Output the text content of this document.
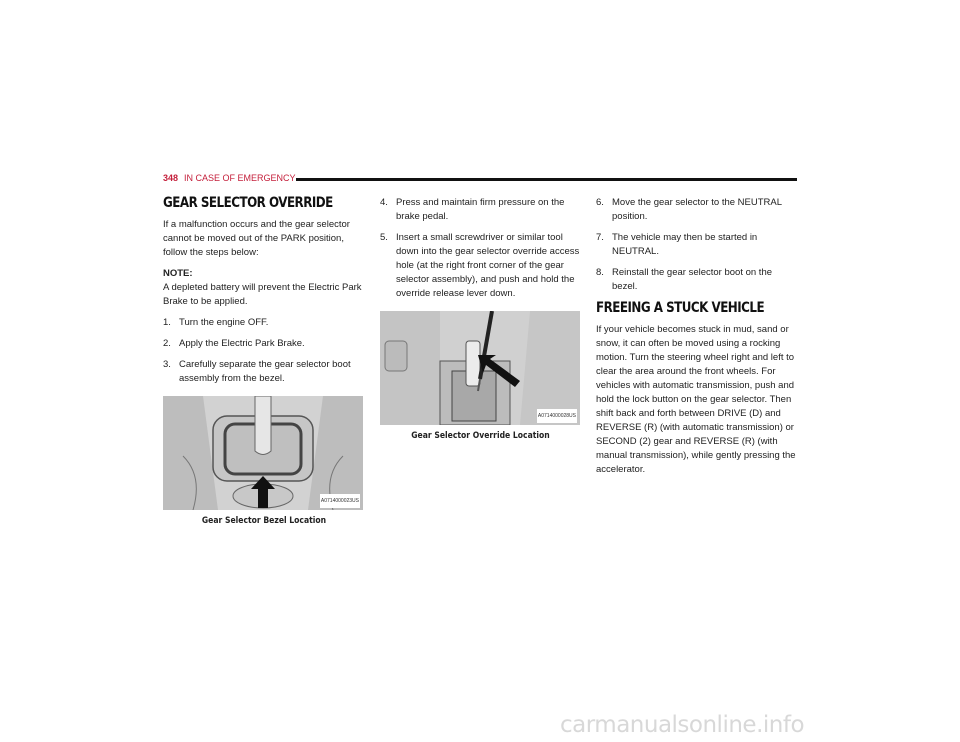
348 IN CASE OF EMERGENCY
GEAR SELECTOR OVERRIDE

If a malfunction occurs and the gear selector cannot be moved out of the PARK position, follow the steps below:

NOTE:

A depleted battery will prevent the Electric Park Brake to be applied.

1. Turn the engine OFF.
2. Apply the Electric Park Brake.
3. Carefully separate the gear selector boot assembly from the bezel.
A0714000023US
Gear Selector Bezel Location
4. Press and maintain firm pressure on the brake pedal.
5. Insert a small screwdriver or similar tool down into the gear selector override access hole (at the right front corner of the gear selector assembly), and push and hold the override release lever down.
A0714000028US
Gear Selector Override Location
6. Move the gear selector to the NEUTRAL position.
7. The vehicle may then be started in NEUTRAL.
8. Reinstall the gear selector boot on the bezel.
FREEING A STUCK VEHICLE

If your vehicle becomes stuck in mud, sand or snow, it can often be moved using a rocking motion. Turn the steering wheel right and left to clear the area around the front wheels. For vehicles with automatic transmission, push and hold the lock button on the gear selector. Then shift back and forth between DRIVE (D) and REVERSE (R) (with automatic transmission) or SECOND (2) gear and REVERSE (R) (with manual transmission), while gently pressing the accelerator.

carmanualsonline.info
